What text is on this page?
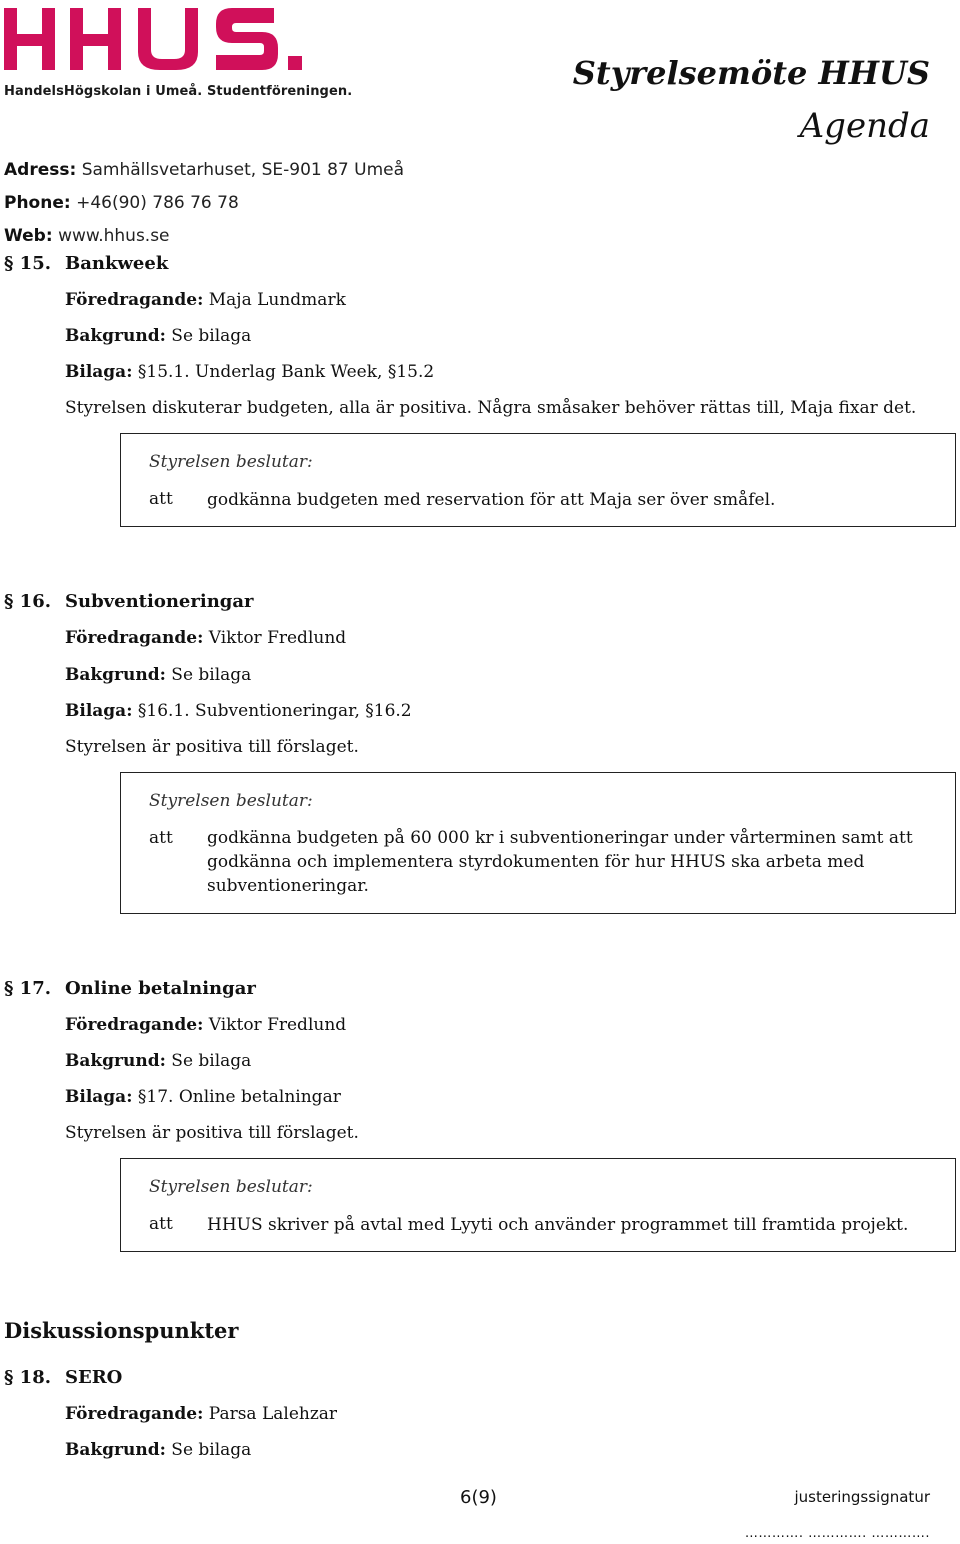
HandelsHögskolan i Umeå. Studentföreningen.	Styrelsemöte HHUS
Agenda
Adress: Samhällsvetarhuset, SE-901 87 Umeå
Phone: +46(90) 786 76 78
Web: www.hhus.se
§ 15. Bankweek
Föredragande: Maja Lundmark
Bakgrund: Se bilaga
Bilaga: §15.1. Underlag Bank Week, §15.2
Styrelsen diskuterar budgeten, alla är positiva. Några småsaker behöver rättas till, Maja fixar det.
Styrelsen beslutar:
att godkänna budgeten med reservation för att Maja ser över småfel.
§ 16. Subventioneringar
Föredragande: Viktor Fredlund
Bakgrund: Se bilaga
Bilaga: §16.1. Subventioneringar, §16.2
Styrelsen är positiva till förslaget.
Styrelsen beslutar:
att godkänna budgeten på 60 000 kr i subventioneringar under vårterminen samt att godkänna och implementera styrdokumenten för hur HHUS ska arbeta med subventioneringar.
§ 17. Online betalningar
Föredragande: Viktor Fredlund
Bakgrund: Se bilaga
Bilaga: §17. Online betalningar
Styrelsen är positiva till förslaget.
Styrelsen beslutar:
att HHUS skriver på avtal med Lyyti och använder programmet till framtida projekt.
Diskussionspunkter
§ 18. SERO
Föredragande: Parsa Lalehzar
Bakgrund: Se bilaga
6(9)	justeringssignatur
…………. …………. ………….
